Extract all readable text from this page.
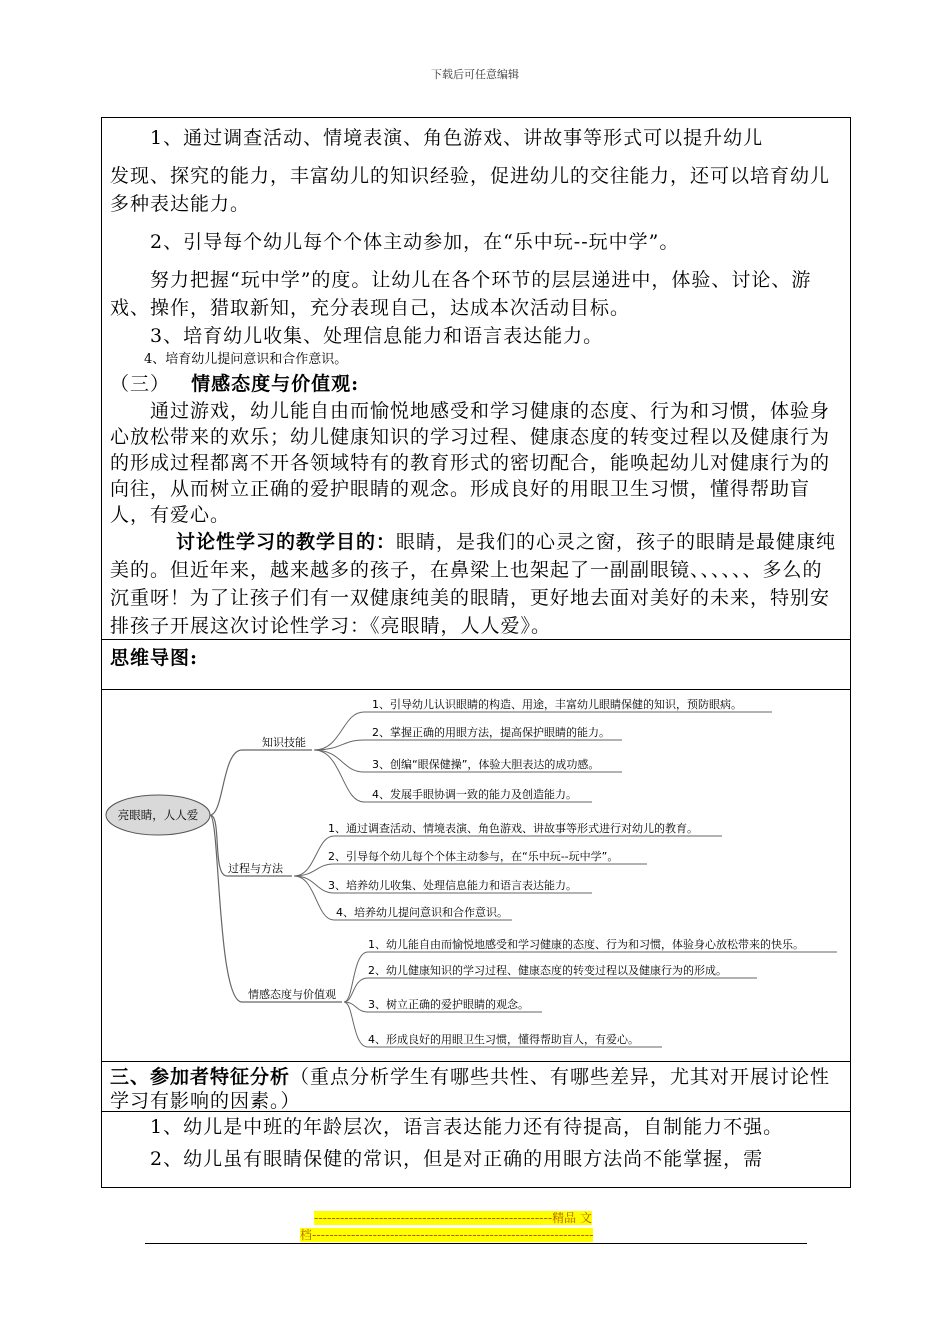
下载后可任意编辑

1、通过调查活动、情境表演、角色游戏、讲故事等形式可以提升幼儿

发现、探究的能力，丰富幼儿的知识经验，促进幼儿的交往能力，还可以培育幼儿多种表达能力。

2、引导每个幼儿每个个体主动参加，在“乐中玩--玩中学”。

努力把握“玩中学”的度。让幼儿在各个环节的层层递进中，体验、讨论、游戏、操作，猎取新知，充分表现自己，达成本次活动目标。

3、培育幼儿收集、处理信息能力和语言表达能力。

4、培育幼儿提问意识和合作意识。

（三） 情感态度与价值观:

通过游戏，幼儿能自由而愉悦地感受和学习健康的态度、行为和习惯，体验身心放松带来的欢乐；幼儿健康知识的学习过程、健康态度的转变过程以及健康行为的形成过程都离不开各领域特有的教育形式的密切配合，能唤起幼儿对健康行为的向往，从而树立正确的爱护眼睛的观念。形成良好的用眼卫生习惯，懂得帮助盲人，有爱心。

讨论性学习的教学目的：眼睛，是我们的心灵之窗，孩子的眼睛是最健康纯美的。但近年来，越来越多的孩子，在鼻梁上也架起了一副副眼镜、、、、、、多么的沉重呀！为了让孩子们有一双健康纯美的眼睛，更好地去面对美好的未来，特别安排孩子开展这次讨论性学习：《亮眼睛，人人爱》。

思维导图:

亮眼睛，人人爱
知识技能
1、引导幼儿认识眼睛的构造、用途，丰富幼儿眼睛保健的知识，预防眼病。
2、掌握正确的用眼方法，提高保护眼睛的能力。
3、创编“眼保健操”，体验大胆表达的成功感。
4、发展手眼协调一致的能力及创造能力。
过程与方法
1、通过调查活动、情境表演、角色游戏、讲故事等形式进行对幼儿的教育。
2、引导每个幼儿每个个体主动参与，在“乐中玩--玩中学”。
3、培养幼儿收集、处理信息能力和语言表达能力。
4、培养幼儿提问意识和合作意识。
情感态度与价值观
1、幼儿能自由而愉悦地感受和学习健康的态度、行为和习惯，体验身心放松带来的快乐。
2、幼儿健康知识的学习过程、健康态度的转变过程以及健康行为的形成。
3、树立正确的爱护眼睛的观念。
4、形成良好的用眼卫生习惯，懂得帮助盲人，有爱心。

三、参加者特征分析（重点分析学生有哪些共性、有哪些差异，尤其对开展讨论性学习有影响的因素。）

1、幼儿是中班的年龄层次，语言表达能力还有待提高，自制能力不强。

2、幼儿虽有眼睛保健的常识，但是对正确的用眼方法尚不能掌握，需

-------------------------------------------------------精品 文
档-----------------------------------------------------------------
